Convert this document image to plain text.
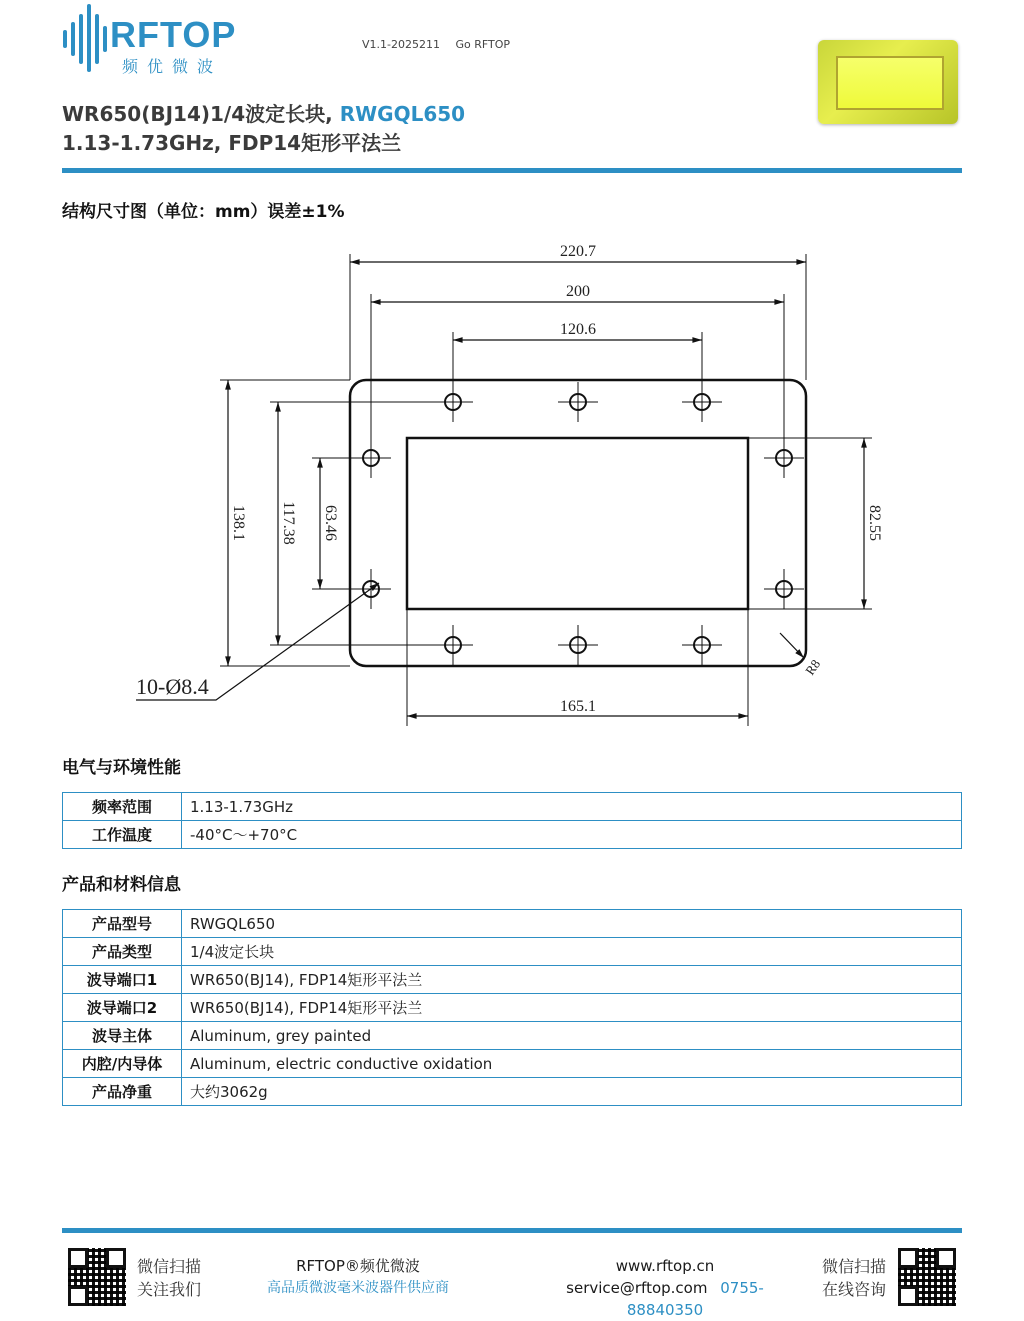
RFTOP
频优微波
V1.1-2025211 Go RFTOP
WR650(BJ14)1/4波定长块, RWGQL650
1.13-1.73GHz, FDP14矩形平法兰
结构尺寸图（单位：mm）误差±1%
220.7
200
120.6
138.1 117.38 63.46	82.55
165.1
10-Ø8.4
R8
电气与环境性能
频率范围	1.13-1.73GHz
工作温度	-40°C～+70°C
产品和材料信息
产品型号	RWGQL650
产品类型	1/4波定长块
波导端口1	WR650(BJ14), FDP14矩形平法兰
波导端口2	WR650(BJ14), FDP14矩形平法兰
波导主体	Aluminum, grey painted
内腔/内导体	Aluminum, electric conductive oxidation
产品净重	大约3062g
微信扫描
关注我们
RFTOP®频优微波
高品质微波毫米波器件供应商
www.rftop.cn
service@rftop.com 0755-88840350
微信扫描
在线咨询
